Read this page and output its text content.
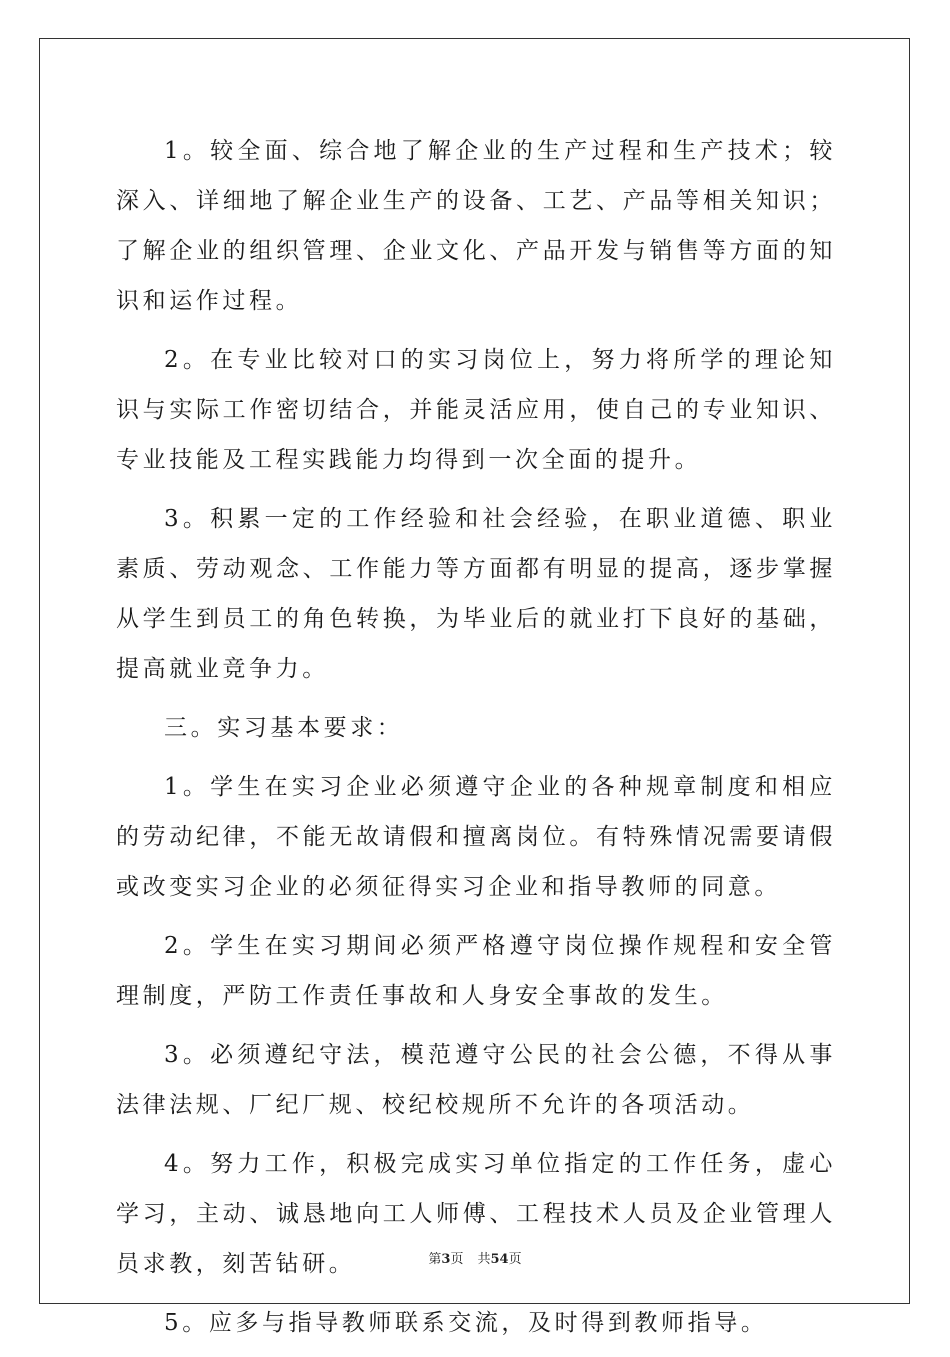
1。较全面、综合地了解企业的生产过程和生产技术；较深入、详细地了解企业生产的设备、工艺、产品等相关知识；了解企业的组织管理、企业文化、产品开发与销售等方面的知识和运作过程。

2。在专业比较对口的实习岗位上，努力将所学的理论知识与实际工作密切结合，并能灵活应用，使自己的专业知识、专业技能及工程实践能力均得到一次全面的提升。

3。积累一定的工作经验和社会经验，在职业道德、职业素质、劳动观念、工作能力等方面都有明显的提高，逐步掌握从学生到员工的角色转换，为毕业后的就业打下良好的基础，提高就业竞争力。

三。实习基本要求：

1。学生在实习企业必须遵守企业的各种规章制度和相应的劳动纪律，不能无故请假和擅离岗位。有特殊情况需要请假或改变实习企业的必须征得实习企业和指导教师的同意。

2。学生在实习期间必须严格遵守岗位操作规程和安全管理制度，严防工作责任事故和人身安全事故的发生。

3。必须遵纪守法，模范遵守公民的社会公德，不得从事法律法规、厂纪厂规、校纪校规所不允许的各项活动。

4。努力工作，积极完成实习单位指定的工作任务，虚心学习，主动、诚恳地向工人师傅、工程技术人员及企业管理人员求教，刻苦钻研。

5。应多与指导教师联系交流，及时得到教师指导。

第3页 共54页
